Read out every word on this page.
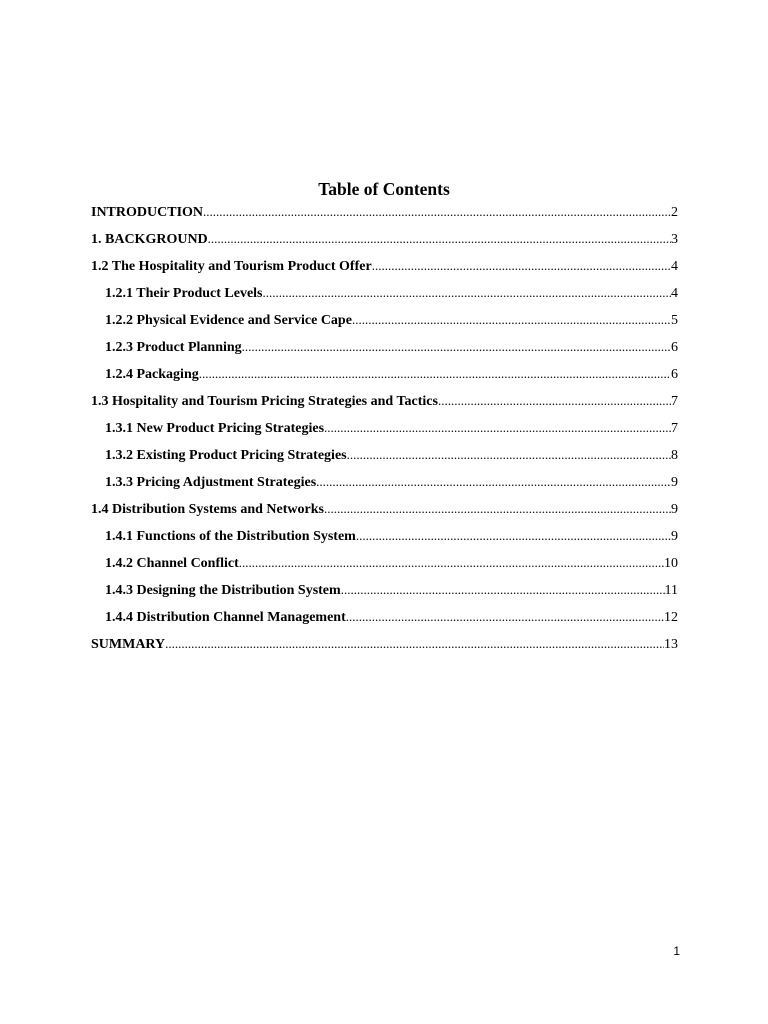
Table of Contents
INTRODUCTION .....	2
1. BACKGROUND .....	3
1.2 The Hospitality and Tourism Product Offer .....	4
1.2.1 Their Product Levels .....	4
1.2.2 Physical Evidence and Service Cape .....	5
1.2.3 Product Planning .....	6
1.2.4 Packaging .....	6
1.3 Hospitality and Tourism Pricing Strategies and Tactics .....	7
1.3.1 New Product Pricing Strategies .....	7
1.3.2 Existing Product Pricing Strategies .....	8
1.3.3 Pricing Adjustment Strategies .....	9
1.4 Distribution Systems and Networks .....	9
1.4.1 Functions of the Distribution System .....	9
1.4.2 Channel Conflict .....	10
1.4.3 Designing the Distribution System .....	11
1.4.4 Distribution Channel Management .....	12
SUMMARY .....	13
1
